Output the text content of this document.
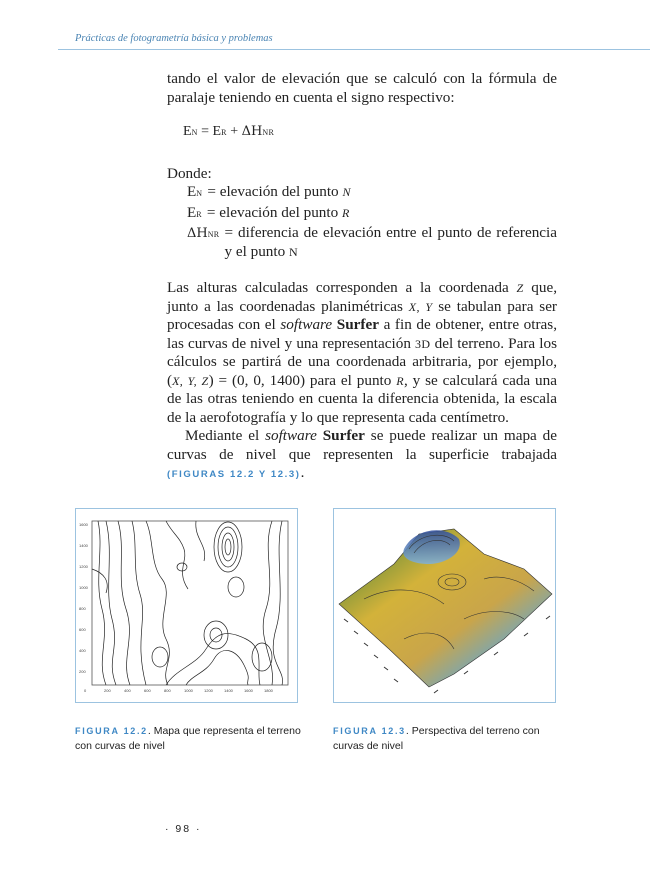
Prácticas de fotogrametría básica y problemas

tando el valor de elevación que se calculó con la fórmula de paralaje teniendo en cuenta el signo respectivo:

EN = ER + ΔHNR

Donde:

EN = elevación del punto N
ER = elevación del punto R
ΔHNR = diferencia de elevación entre el punto de referencia y el punto N

Las alturas calculadas corresponden a la coordenada Z que, junto a las coordenadas planimétricas X, Y se tabulan para ser procesadas con el software Surfer a fin de obtener, entre otras, las curvas de nivel y una representación 3D del terreno. Para los cálculos se partirá de una coordenada arbitraria, por ejemplo, (X, Y, Z) = (0, 0, 1400) para el punto R, y se calculará cada una de las otras teniendo en cuenta la diferencia obtenida, la escala de la aerofotografía y lo que representa cada centímetro.

Mediante el software Surfer se puede realizar un mapa de curvas de nivel que representen la superficie trabajada (FIGURAS 12.2 Y 12.3).

1600
1400
1200
1000
800
600
400
200
0	200	400	600	800	1000	1200	1400	1600	1800
FIGURA 12.2. Mapa que representa el terreno con curvas de nivel
FIGURA 12.3. Perspectiva del terreno con curvas de nivel
· 98 ·
